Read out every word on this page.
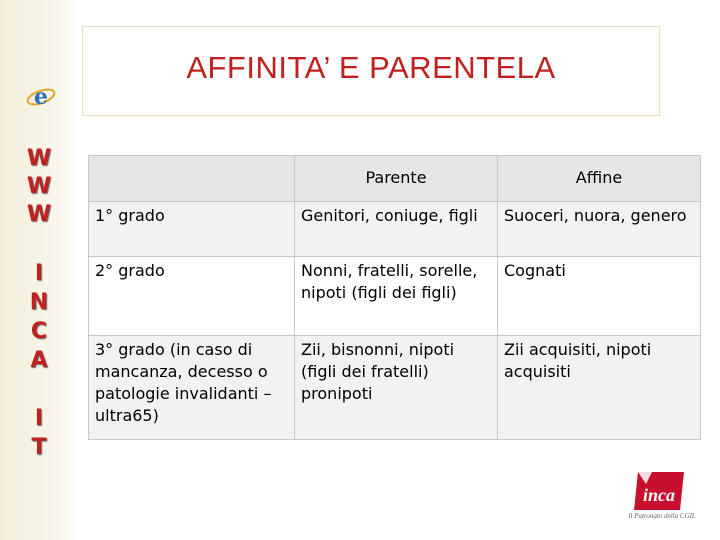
e
W
W
W
I
N
C
A
I
T
AFFINITA’ E PARENTELA
	Parente	Affine
1° grado	Genitori, coniuge, figli	Suoceri, nuora, genero
2° grado	Nonni, fratelli, sorelle, nipoti (figli dei figli)	Cognati
3° grado (in caso di mancanza, decesso o patologie invalidanti – ultra65)	Zii, bisnonni, nipoti (figli dei fratelli) pronipoti	Zii acquisiti, nipoti acquisiti
inca
Il Patronato della CGIL
